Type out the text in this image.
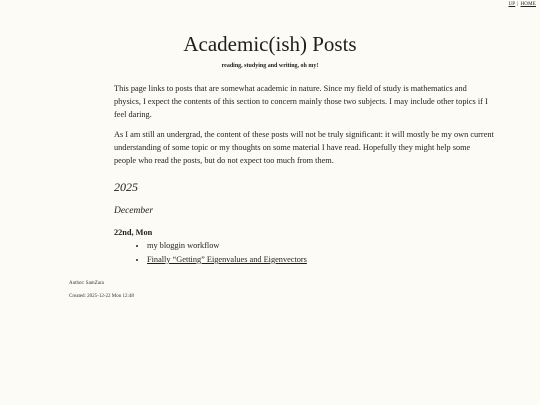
UP | HOME
Academic(ish) Posts

reading, studying and writing, oh my!

This page links to posts that are somewhat academic in nature. Since my field of study is mathematics and physics, I expect the contents of this section to concern mainly those two subjects. I may include other topics if I feel daring.

As I am still an undergrad, the content of these posts will not be truly significant: it will mostly be my own current understanding of some topic or my thoughts on some material I have read. Hopefully they might help some people who read the posts, but do not expect too much from them.

2025
December
22nd, Mon
• my bloggin workflow
• Finally “Getting” Eigenvalues and Eigenvectors
Author: SamZara
Created: 2025-12-22 Mon 12:48
